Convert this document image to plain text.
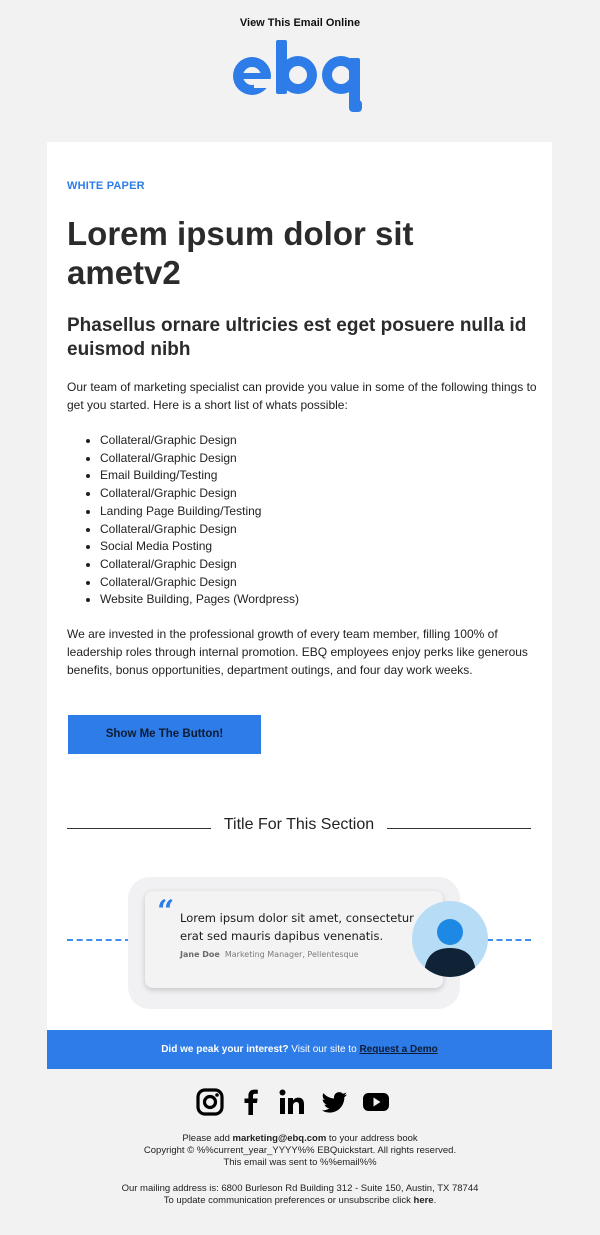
View This Email Online
ebq
WHITE PAPER
Lorem ipsum dolor sit ametv2
Phasellus ornare ultricies est eget posuere nulla id euismod nibh
Our team of marketing specialist can provide you value in some of the following things to get you started. Here is a short list of whats possible:
• Collateral/Graphic Design
• Collateral/Graphic Design
• Email Building/Testing
• Collateral/Graphic Design
• Landing Page Building/Testing
• Collateral/Graphic Design
• Social Media Posting
• Collateral/Graphic Design
• Collateral/Graphic Design
• Website Building, Pages (Wordpress)
We are invested in the professional growth of every team member, filling 100% of leadership roles through internal promotion. EBQ employees enjoy perks like generous benefits, bonus opportunities, department outings, and four day work weeks.
Show Me The Button!
Title For This Section
“ Lorem ipsum dolor sit amet, consectetur erat sed mauris dapibus venenatis.
Jane Doe Marketing Manager, Pellentesque
Did we peak your interest? Visit our site to Request a Demo
Please add marketing@ebq.com to your address book
Copyright © %%current_year_YYYY%% EBQuickstart. All rights reserved.
This email was sent to %%email%%
Our mailing address is: 6800 Burleson Rd Building 312 - Suite 150, Austin, TX 78744
To update communication preferences or unsubscribe click here.
